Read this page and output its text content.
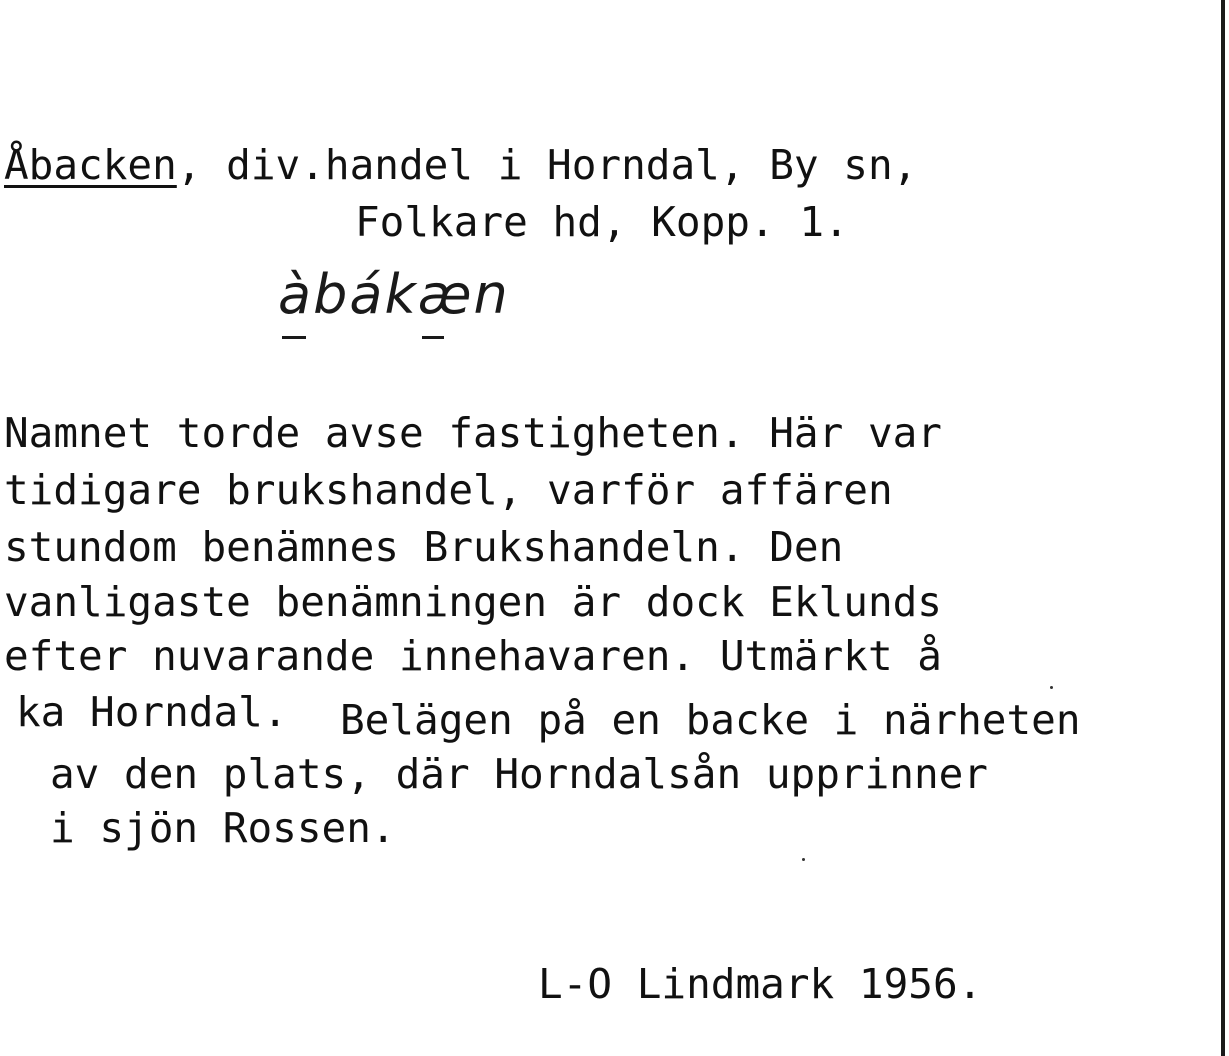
Åbacken, div.handel i Horndal, By sn,
Folkare hd, Kopp. 1.
àbákæn
Namnet torde avse fastigheten. Här var
tidigare brukshandel, varför affären
stundom benämnes Brukshandeln. Den
vanligaste benämningen är dock Eklunds
efter nuvarande innehavaren. Utmärkt å
ka Horndal. Belägen på en backe i närheten
av den plats, där Horndalsån upprinner
i sjön Rossen.
L-O Lindmark 1956.
